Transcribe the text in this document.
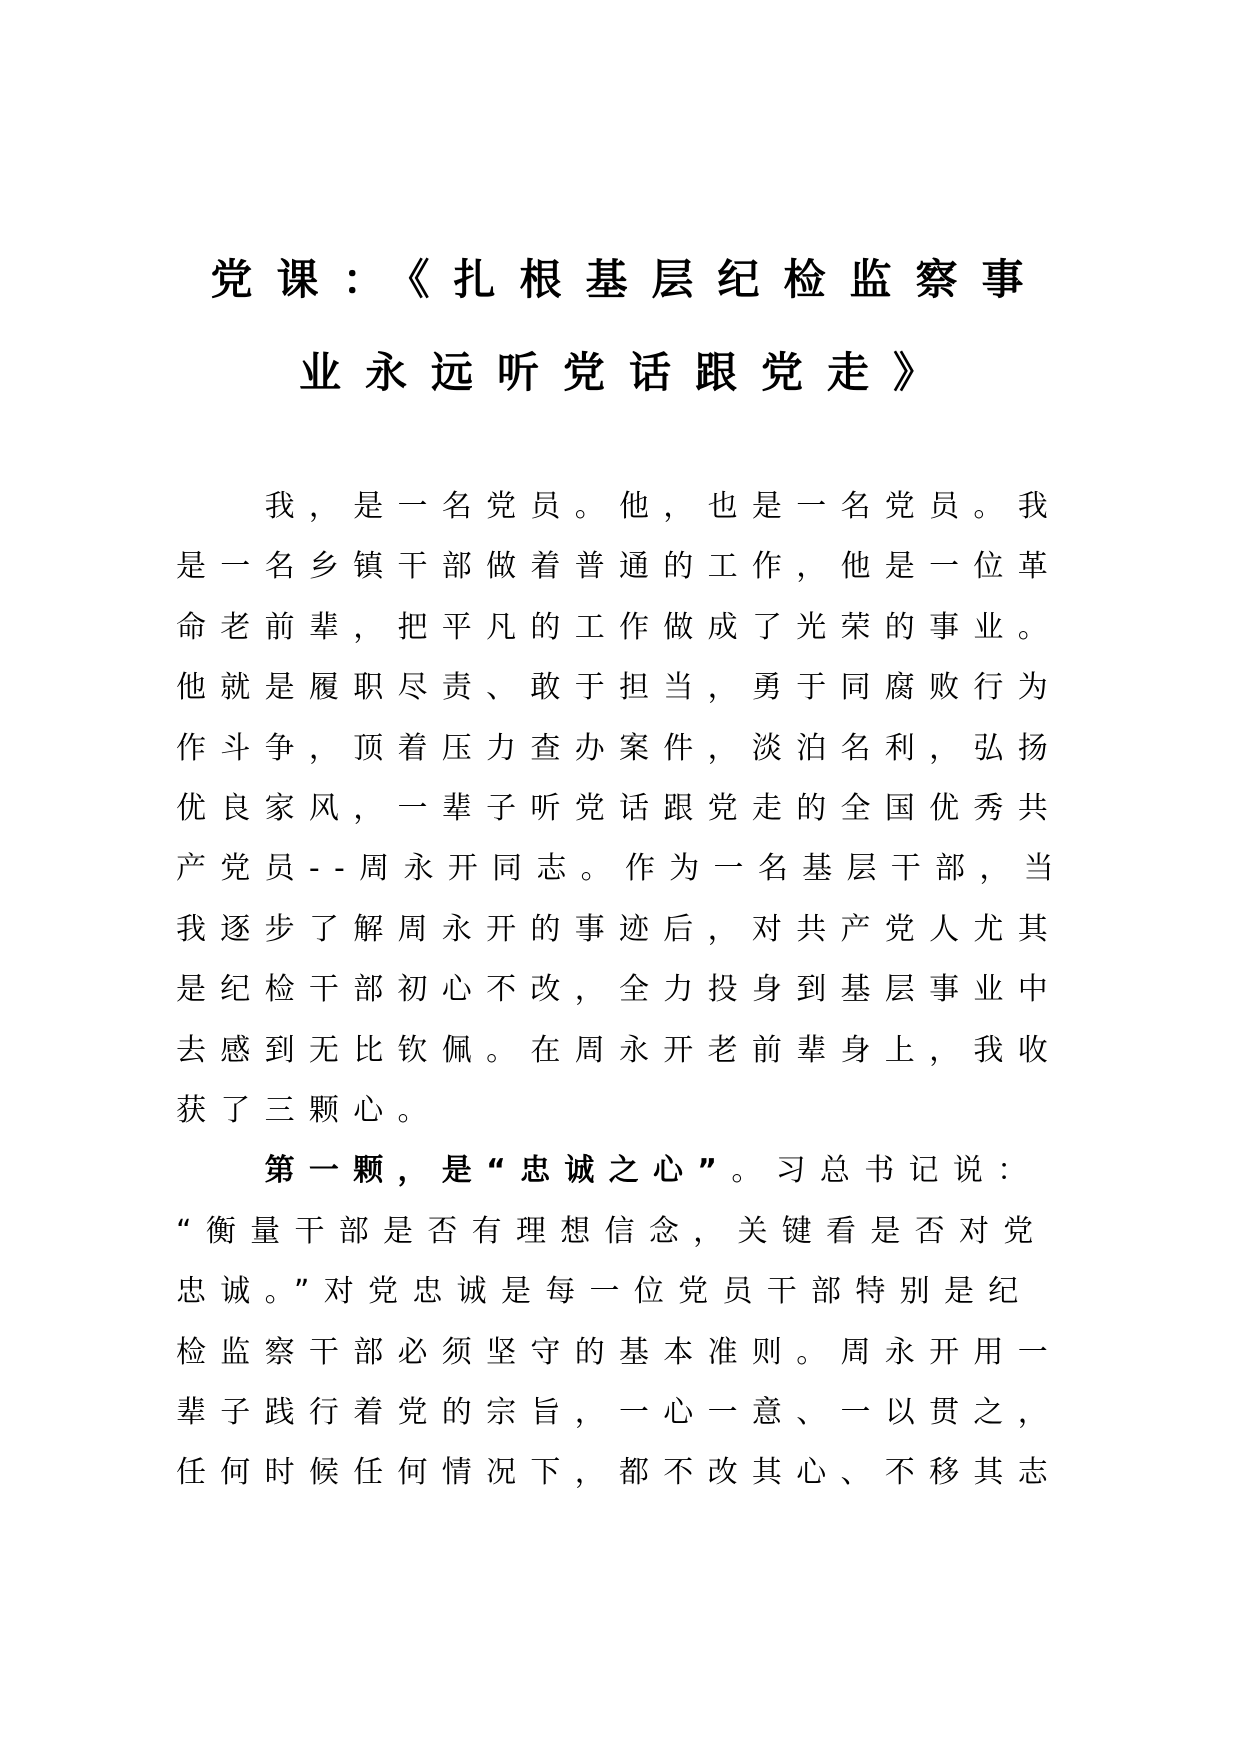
党课：《扎根基层纪检监察事
业永远听党话跟党走》
我，是一名党员。他，也是一名党员。我
是一名乡镇干部做着普通的工作，他是一位革
命老前辈，把平凡的工作做成了光荣的事业。
他就是履职尽责、敢于担当，勇于同腐败行为
作斗争，顶着压力查办案件，淡泊名利，弘扬
优良家风，一辈子听党话跟党走的全国优秀共
产党员--周永开同志。作为一名基层干部，当
我逐步了解周永开的事迹后，对共产党人尤其
是纪检干部初心不改，全力投身到基层事业中
去感到无比钦佩。在周永开老前辈身上，我收
获了三颗心。
第一颗，是“忠诚之心”。习总书记说：
“衡量干部是否有理想信念，关键看是否对党
忠诚。”对党忠诚是每一位党员干部特别是纪
检监察干部必须坚守的基本准则。周永开用一
辈子践行着党的宗旨，一心一意、一以贯之，
任何时候任何情况下，都不改其心、不移其志
